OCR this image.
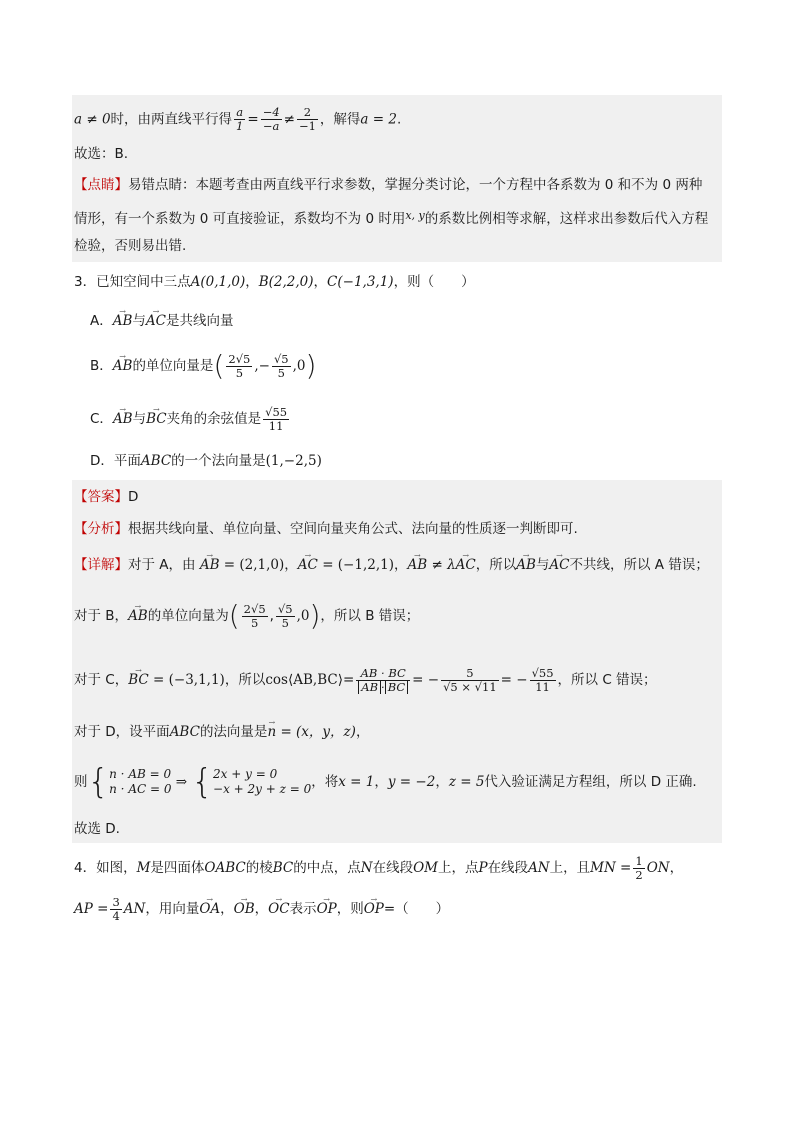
a ≠ 0时，由两直线平行得 $\frac{a}{1} = \frac{-4}{-a} \ne \frac{2}{-1}$ ，解得a = 2.
故选：B.
【点睛】易错点睛：本题考查由两直线平行求参数，掌握分类讨论，一个方程中各系数为 0 和不为 0 两种
情形，有一个系数为 0 可直接验证，系数均不为 0 时用$^{x, y}$的系数比例相等求解，这样求出参数后代入方程
检验，否则易出错.
3．已知空间中三点A(0,1,0)，B(2,2,0)，C(−1,3,1)，则（　　）
A．→ AB与→ AC是共线向量
B．→ AB的单位向量是( $\frac{2√5}{5}$ ,− $\frac{√5}{5} ,0$)
C．→ AB与→ BC夹角的余弦值是 $\frac{√55}{11}$
D．平面ABC的一个法向量是(1,−2,5)
【答案】D
【分析】根据共线向量、单位向量、空间向量夹角公式、法向量的性质逐一判断即可.
【详解】对于 A，由 → AB = (2,1,0)，→ AC = (−1,2,1)，→ AB ≠ λ→ AC，所以→ AB与→ AC不共线，所以 A 错误；
对于 B，→ AB的单位向量为( $\frac{2√5}{5}$ , $\frac{√5}{5} ,0$)，所以 B 错误；
对于 C，→ BC = (−3,1,1)，所以cos⟨AB,BC⟩= $\frac{AB \cdot BC}{AB \cdot BC}$ = − $\frac{5}{√5 \times √11}$ = − $\frac{√55}{11}$ ，所以 C 错误；
对于 D，设平面ABC的法向量是→ n = (x，y，z)，
则{ n · AB = 0
n · AC = 0 ⇒ { 2x + y = 0
−x + 2y + z = 0 ，将x = 1，y = −2，z = 5代入验证满足方程组，所以 D 正确.
故选 D.
4．如图，M是四面体OABC的棱BC的中点，点N在线段OM上，点P在线段AN上，且MN = $\frac{1}{2}$ ON，
AP = $\frac{3}{4}$ AN，用向量→ OA，→ OB，→ OC表示→ OP，则→ OP=（　　）
